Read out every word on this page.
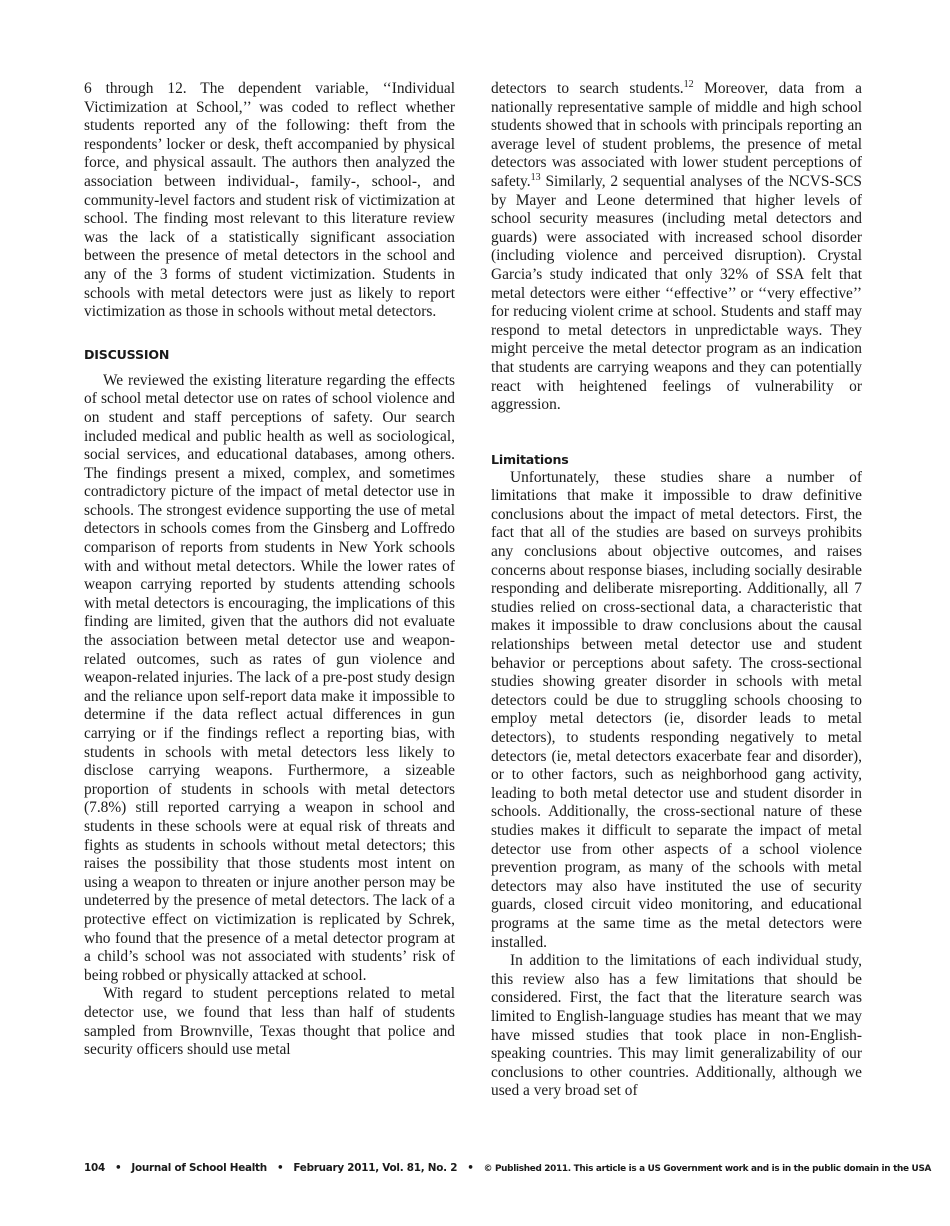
6 through 12. The dependent variable, ‘‘Individual Victimization at School,’’ was coded to reflect whether students reported any of the following: theft from the respondents’ locker or desk, theft accompanied by physical force, and physical assault. The authors then analyzed the association between individual-, family-, school-, and community-level factors and student risk of victimization at school. The finding most relevant to this literature review was the lack of a statistically significant association between the presence of metal detectors in the school and any of the 3 forms of student victimization. Students in schools with metal detectors were just as likely to report victimization as those in schools without metal detectors.

DISCUSSION

We reviewed the existing literature regarding the effects of school metal detector use on rates of school violence and on student and staff perceptions of safety. Our search included medical and public health as well as sociological, social services, and educational databases, among others. The findings present a mixed, complex, and sometimes contradictory picture of the impact of metal detector use in schools. The strongest evidence supporting the use of metal detectors in schools comes from the Ginsberg and Loffredo comparison of reports from students in New York schools with and without metal detectors. While the lower rates of weapon carrying reported by students attending schools with metal detectors is encouraging, the implications of this finding are limited, given that the authors did not evaluate the association between metal detector use and weapon-related outcomes, such as rates of gun violence and weapon-related injuries. The lack of a pre-post study design and the reliance upon self-report data make it impossible to determine if the data reflect actual differences in gun carrying or if the findings reflect a reporting bias, with students in schools with metal detectors less likely to disclose carrying weapons. Furthermore, a sizeable proportion of students in schools with metal detectors (7.8%) still reported carrying a weapon in school and students in these schools were at equal risk of threats and fights as students in schools without metal detectors; this raises the possibility that those students most intent on using a weapon to threaten or injure another person may be undeterred by the presence of metal detectors. The lack of a protective effect on victimization is replicated by Schrek, who found that the presence of a metal detector program at a child’s school was not associated with students’ risk of being robbed or physically attacked at school.

With regard to student perceptions related to metal detector use, we found that less than half of students sampled from Brownville, Texas thought that police and security officers should use metal

detectors to search students.$^{12}$ Moreover, data from a nationally representative sample of middle and high school students showed that in schools with principals reporting an average level of student problems, the presence of metal detectors was associated with lower student perceptions of safety.$^{13}$ Similarly, 2 sequential analyses of the NCVS-SCS by Mayer and Leone determined that higher levels of school security measures (including metal detectors and guards) were associated with increased school disorder (including violence and perceived disruption). Crystal Garcia’s study indicated that only 32% of SSA felt that metal detectors were either ‘‘effective’’ or ‘‘very effective’’ for reducing violent crime at school. Students and staff may respond to metal detectors in unpredictable ways. They might perceive the metal detector program as an indication that students are carrying weapons and they can potentially react with heightened feelings of vulnerability or aggression.

Limitations

Unfortunately, these studies share a number of limitations that make it impossible to draw definitive conclusions about the impact of metal detectors. First, the fact that all of the studies are based on surveys prohibits any conclusions about objective outcomes, and raises concerns about response biases, including socially desirable responding and deliberate misreporting. Additionally, all 7 studies relied on cross-sectional data, a characteristic that makes it impossible to draw conclusions about the causal relationships between metal detector use and student behavior or perceptions about safety. The cross-sectional studies showing greater disorder in schools with metal detectors could be due to struggling schools choosing to employ metal detectors (ie, disorder leads to metal detectors), to students responding negatively to metal detectors (ie, metal detectors exacerbate fear and disorder), or to other factors, such as neighborhood gang activity, leading to both metal detector use and student disorder in schools. Additionally, the cross-sectional nature of these studies makes it difficult to separate the impact of metal detector use from other aspects of a school violence prevention program, as many of the schools with metal detectors may also have instituted the use of security guards, closed circuit video monitoring, and educational programs at the same time as the metal detectors were installed.

In addition to the limitations of each individual study, this review also has a few limitations that should be considered. First, the fact that the literature search was limited to English-language studies has meant that we may have missed studies that took place in non-English-speaking countries. This may limit generalizability of our conclusions to other countries. Additionally, although we used a very broad set of

104 • Journal of School Health • February 2011, Vol. 81, No. 2 • © Published 2011. This article is a US Government work and is in the public domain in the USA
